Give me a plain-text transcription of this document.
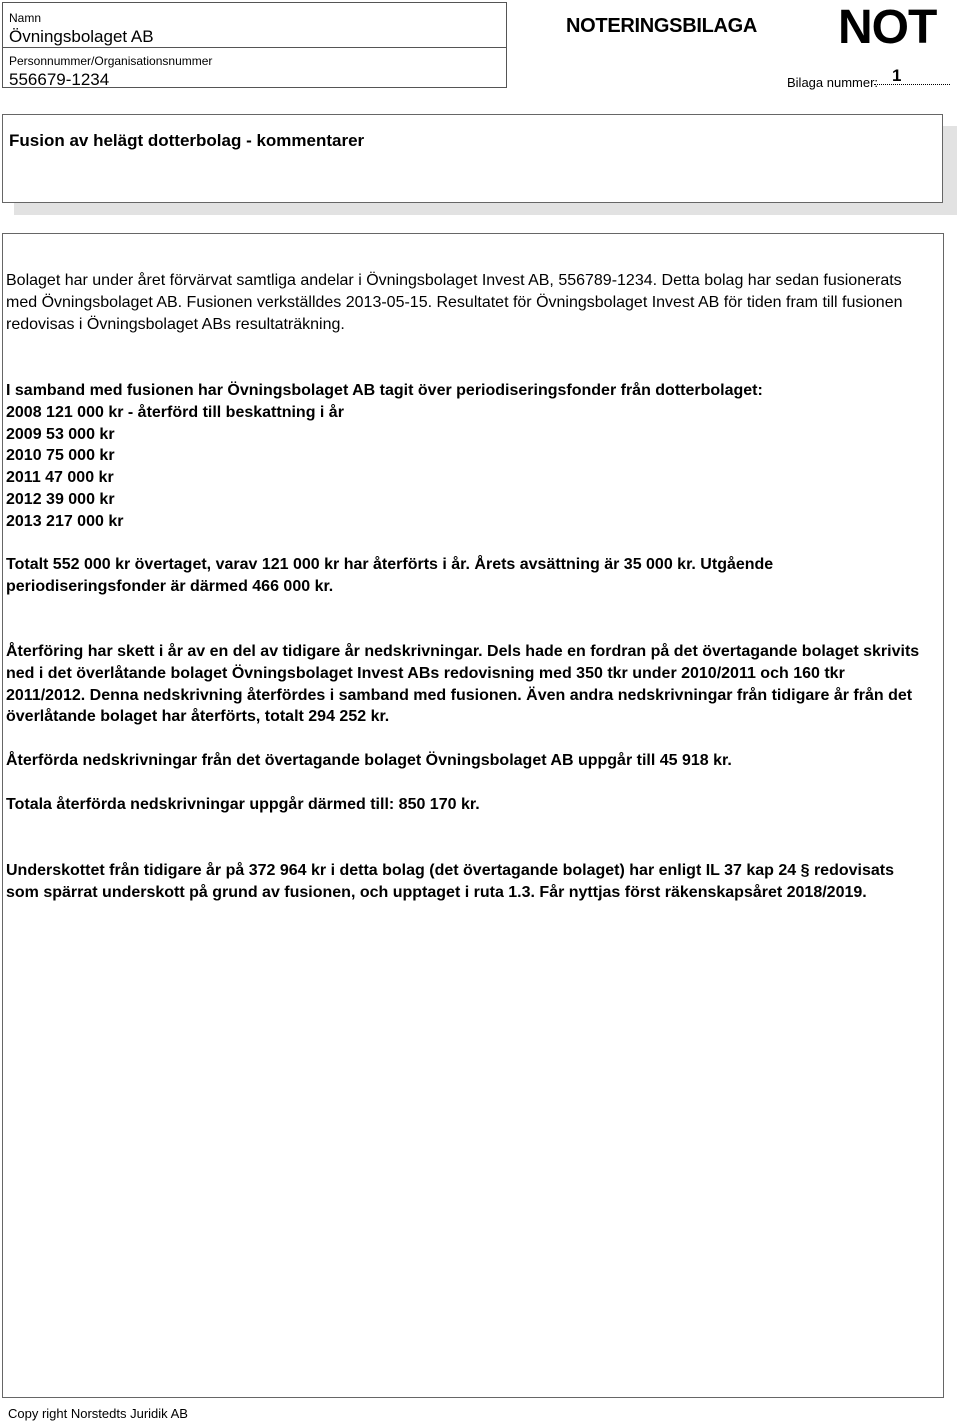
Namn
Övningsbolaget AB
Personnummer/Organisationsnummer
556679-1234
NOTERINGSBILAGA NOT
Bilaga nummer: 1
Fusion av helägt dotterbolag - kommentarer

Bolaget har under året förvärvat samtliga andelar i Övningsbolaget Invest AB, 556789-1234. Detta bolag har sedan fusionerats med Övningsbolaget AB. Fusionen verkställdes 2013-05-15. Resultatet för Övningsbolaget Invest AB för tiden fram till fusionen redovisas i Övningsbolaget ABs resultaträkning.

I samband med fusionen har Övningsbolaget AB tagit över periodiseringsfonder från dotterbolaget:
2008 121 000 kr - återförd till beskattning i år
2009 53 000 kr
2010 75 000 kr
2011 47 000 kr
2012 39 000 kr
2013 217 000 kr

Totalt 552 000 kr övertaget, varav 121 000 kr har återförts i år. Årets avsättning är 35 000 kr. Utgående periodiseringsfonder är därmed 466 000 kr.

Återföring har skett i år av en del av tidigare år nedskrivningar. Dels hade en fordran på det övertagande bolaget skrivits ned i det överlåtande bolaget Övningsbolaget Invest ABs redovisning med 350 tkr under 2010/2011 och 160 tkr 2011/2012. Denna nedskrivning återfördes i samband med fusionen. Även andra nedskrivningar från tidigare år från det överlåtande bolaget har återförts, totalt 294 252 kr.

Återförda nedskrivningar från det övertagande bolaget Övningsbolaget AB uppgår till 45 918 kr.

Totala återförda nedskrivningar uppgår därmed till: 850 170 kr.

Underskottet från tidigare år på 372 964 kr i detta bolag (det övertagande bolaget) har enligt IL 37 kap 24 § redovisats som spärrat underskott på grund av fusionen, och upptaget i ruta 1.3. Får nyttjas först räkenskapsåret 2018/2019.

Copy right Norstedts Juridik AB
